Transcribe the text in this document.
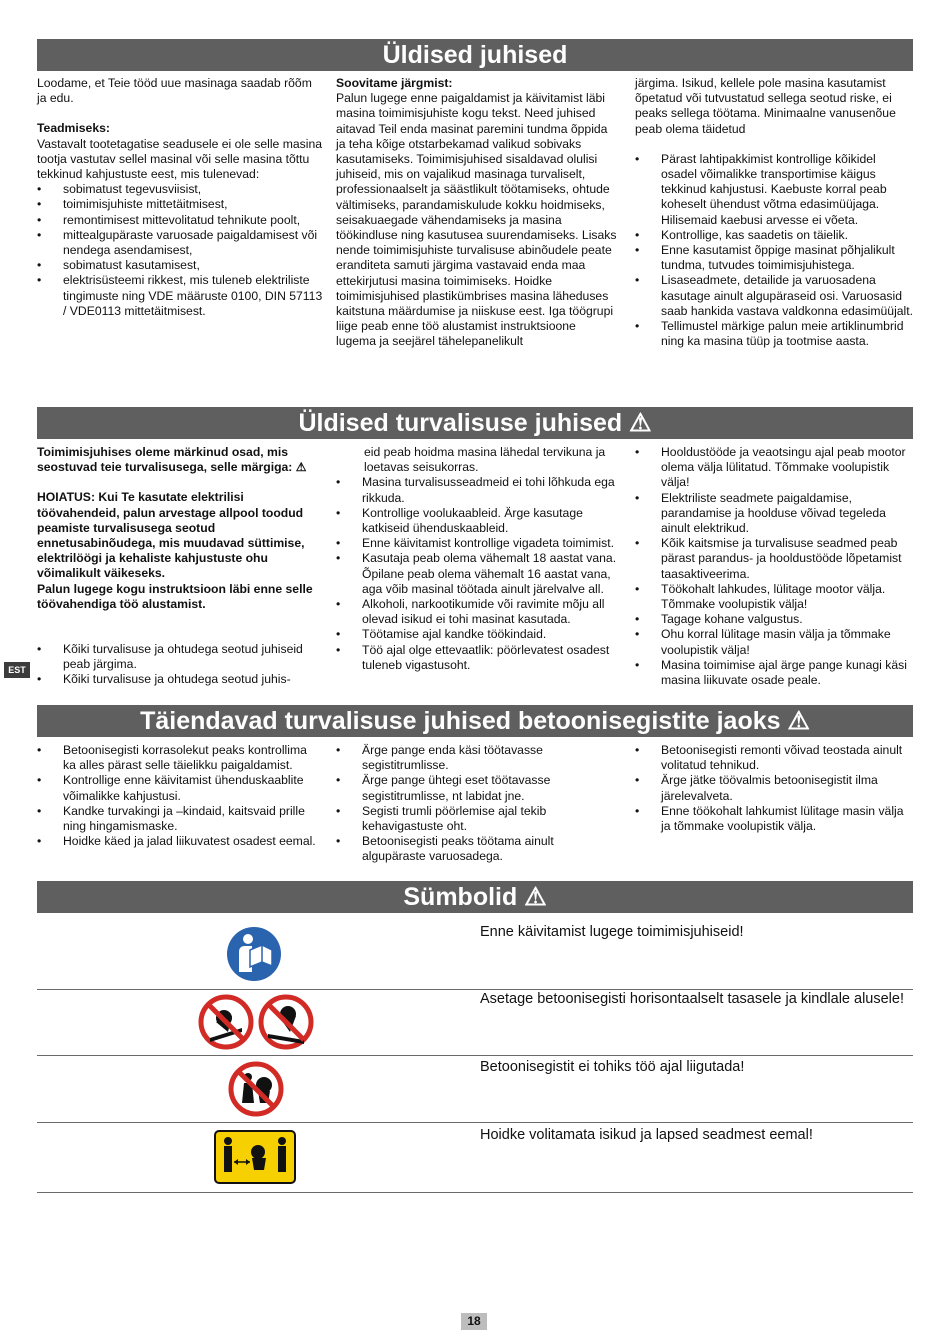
Üldised juhised

Loodame, et Teie tööd uue masinaga saadab rõõm ja edu.

Teadmiseks:

Vastavalt tootetagatise seadusele ei ole selle masina tootja vastutav sellel masinal või selle masina tõttu tekkinud kahjustuste eest, mis tulenevad:

• sobimatust tegevusviisist,
• toimimisjuhiste mittetäitmisest,
• remontimisest mittevolitatud tehnikute poolt,
• mittealgupäraste varuosade paigaldamisest või nendega asendamisest,
• sobimatust kasutamisest,
• elektrisüsteemi rikkest, mis tuleneb elektriliste tingimuste ning VDE määruste 0100, DIN 57113 / VDE0113 mittetäitmisest.

Soovitame järgmist:

Palun lugege enne paigaldamist ja käivitamist läbi masina toimimisjuhiste kogu tekst. Need juhised aitavad Teil enda masinat paremini tundma õppida ja teha kõige otstarbekamad valikud sobivaks kasutamiseks. Toimimisjuhised sisaldavad olulisi juhiseid, mis on vajalikud masinaga turvaliselt, professionaalselt ja säästlikult töötamiseks, ohtude vältimiseks, parandamiskulude kokku hoidmiseks, seisakuaegade vähendamiseks ja masina töökindluse ning kasutusea suurendamiseks. Lisaks nende toimimisjuhiste turvalisuse abinõudele peate eranditeta samuti järgima vastavaid enda maa ettekirjutusi masina toimimiseks. Hoidke toimimisjuhised plastikümbrises masina läheduses kaitstuna määrdumise ja niiskuse eest. Iga töögrupi liige peab enne töö alustamist instruktsioone lugema ja seejärel tähelepanelikult

järgima. Isikud, kellele pole masina kasutamist õpetatud või tutvustatud sellega seotud riske, ei peaks sellega töötama. Minimaalne vanusenõue peab olema täidetud

• Pärast lahtipakkimist kontrollige kõikidel osadel võimalikke transportimise käigus tekkinud kahjustusi. Kaebuste korral peab koheselt ühendust võtma edasimüüjaga. Hilisemaid kaebusi arvesse ei võeta.
• Kontrollige, kas saadetis on täielik.
• Enne kasutamist õppige masinat põhjalikult tundma, tutvudes toimimisjuhistega.
• Lisaseadmete, detailide ja varuosadena kasutage ainult algupäraseid osi. Varuosasid saab hankida vastava valdkonna edasimüüjalt.
• Tellimustel märkige palun meie artiklinumbrid ning ka masina tüüp ja tootmise aasta.
Üldised turvalisuse juhised ⚠

Toimimisjuhises oleme märkinud osad, mis seostuvad teie turvalisusega, selle märgiga: ⚠

HOIATUS: Kui Te kasutate elektrilisi töövahendeid, palun arvestage allpool toodud peamiste turvalisusega seotud ennetusabinõudega, mis muudavad süttimise, elektrilöögi ja kehaliste kahjustuste ohu võimalikult väikeseks.

Palun lugege kogu instruktsioon läbi enne selle töövahendiga töö alustamist.

• Kõiki turvalisuse ja ohtudega seotud juhiseid peab järgima.
• Kõiki turvalisuse ja ohtudega seotud juhis-

eid peab hoidma masina lähedal tervikuna ja loetavas seisukorras.

• Masina turvalisusseadmeid ei tohi lõhkuda ega rikkuda.
• Kontrollige voolukaableid. Ärge kasutage katkiseid ühenduskaableid.
• Enne käivitamist kontrollige vigadeta toimimist.
• Kasutaja peab olema vähemalt 18 aastat vana. Õpilane peab olema vähemalt 16 aastat vana, aga võib masinal töötada ainult järelvalve all.
• Alkoholi, narkootikumide või ravimite mõju all olevad isikud ei tohi masinat kasutada.
• Töötamise ajal kandke töökindaid.
• Töö ajal olge ettevaatlik: pöörlevatest osadest tuleneb vigastusoht.
• Hooldustööde ja veaotsingu ajal peab mootor olema välja lülitatud. Tõmmake voolupistik välja!
• Elektriliste seadmete paigaldamise, parandamise ja hoolduse võivad tegeleda ainult elektrikud.
• Kõik kaitsmise ja turvalisuse seadmed peab pärast parandus- ja hooldustööde lõpetamist taasaktiveerima.
• Töökohalt lahkudes, lülitage mootor välja. Tõmmake voolupistik välja!
• Tagage kohane valgustus.
• Ohu korral lülitage masin välja ja tõmmake voolupistik välja!
• Masina toimimise ajal ärge pange kunagi käsi masina liikuvate osade peale.
EST
Täiendavad turvalisuse juhised betoonisegistite jaoks ⚠
• Betoonisegisti korrasolekut peaks kontrollima ka alles pärast selle täielikku paigaldamist.
• Kontrollige enne käivitamist ühenduskaablite võimalikke kahjustusi.
• Kandke turvakingi ja –kindaid, kaitsvaid prille ning hingamismaske.
• Hoidke käed ja jalad liikuvatest osadest eemal.
• Ärge pange enda käsi töötavasse segistitrumlisse.
• Ärge pange ühtegi eset töötavasse segistitrumlisse, nt labidat jne.
• Segisti trumli pöörlemise ajal tekib kehavigastuste oht.
• Betoonisegisti peaks töötama ainult algupäraste varuosadega.
• Betoonisegisti remonti võivad teostada ainult volitatud tehnikud.
• Ärge jätke töövalmis betoonisegistit ilma järelevalveta.
• Enne töökohalt lahkumist lülitage masin välja ja tõmmake voolupistik välja.
Sümbolid ⚠
Enne käivitamist lugege toimimisjuhiseid!
Asetage betoonisegisti horisontaalselt tasasele ja kindlale alusele!
Betoonisegistit ei tohiks töö ajal liigutada!
Hoidke volitamata isikud ja lapsed seadmest eemal!
18
